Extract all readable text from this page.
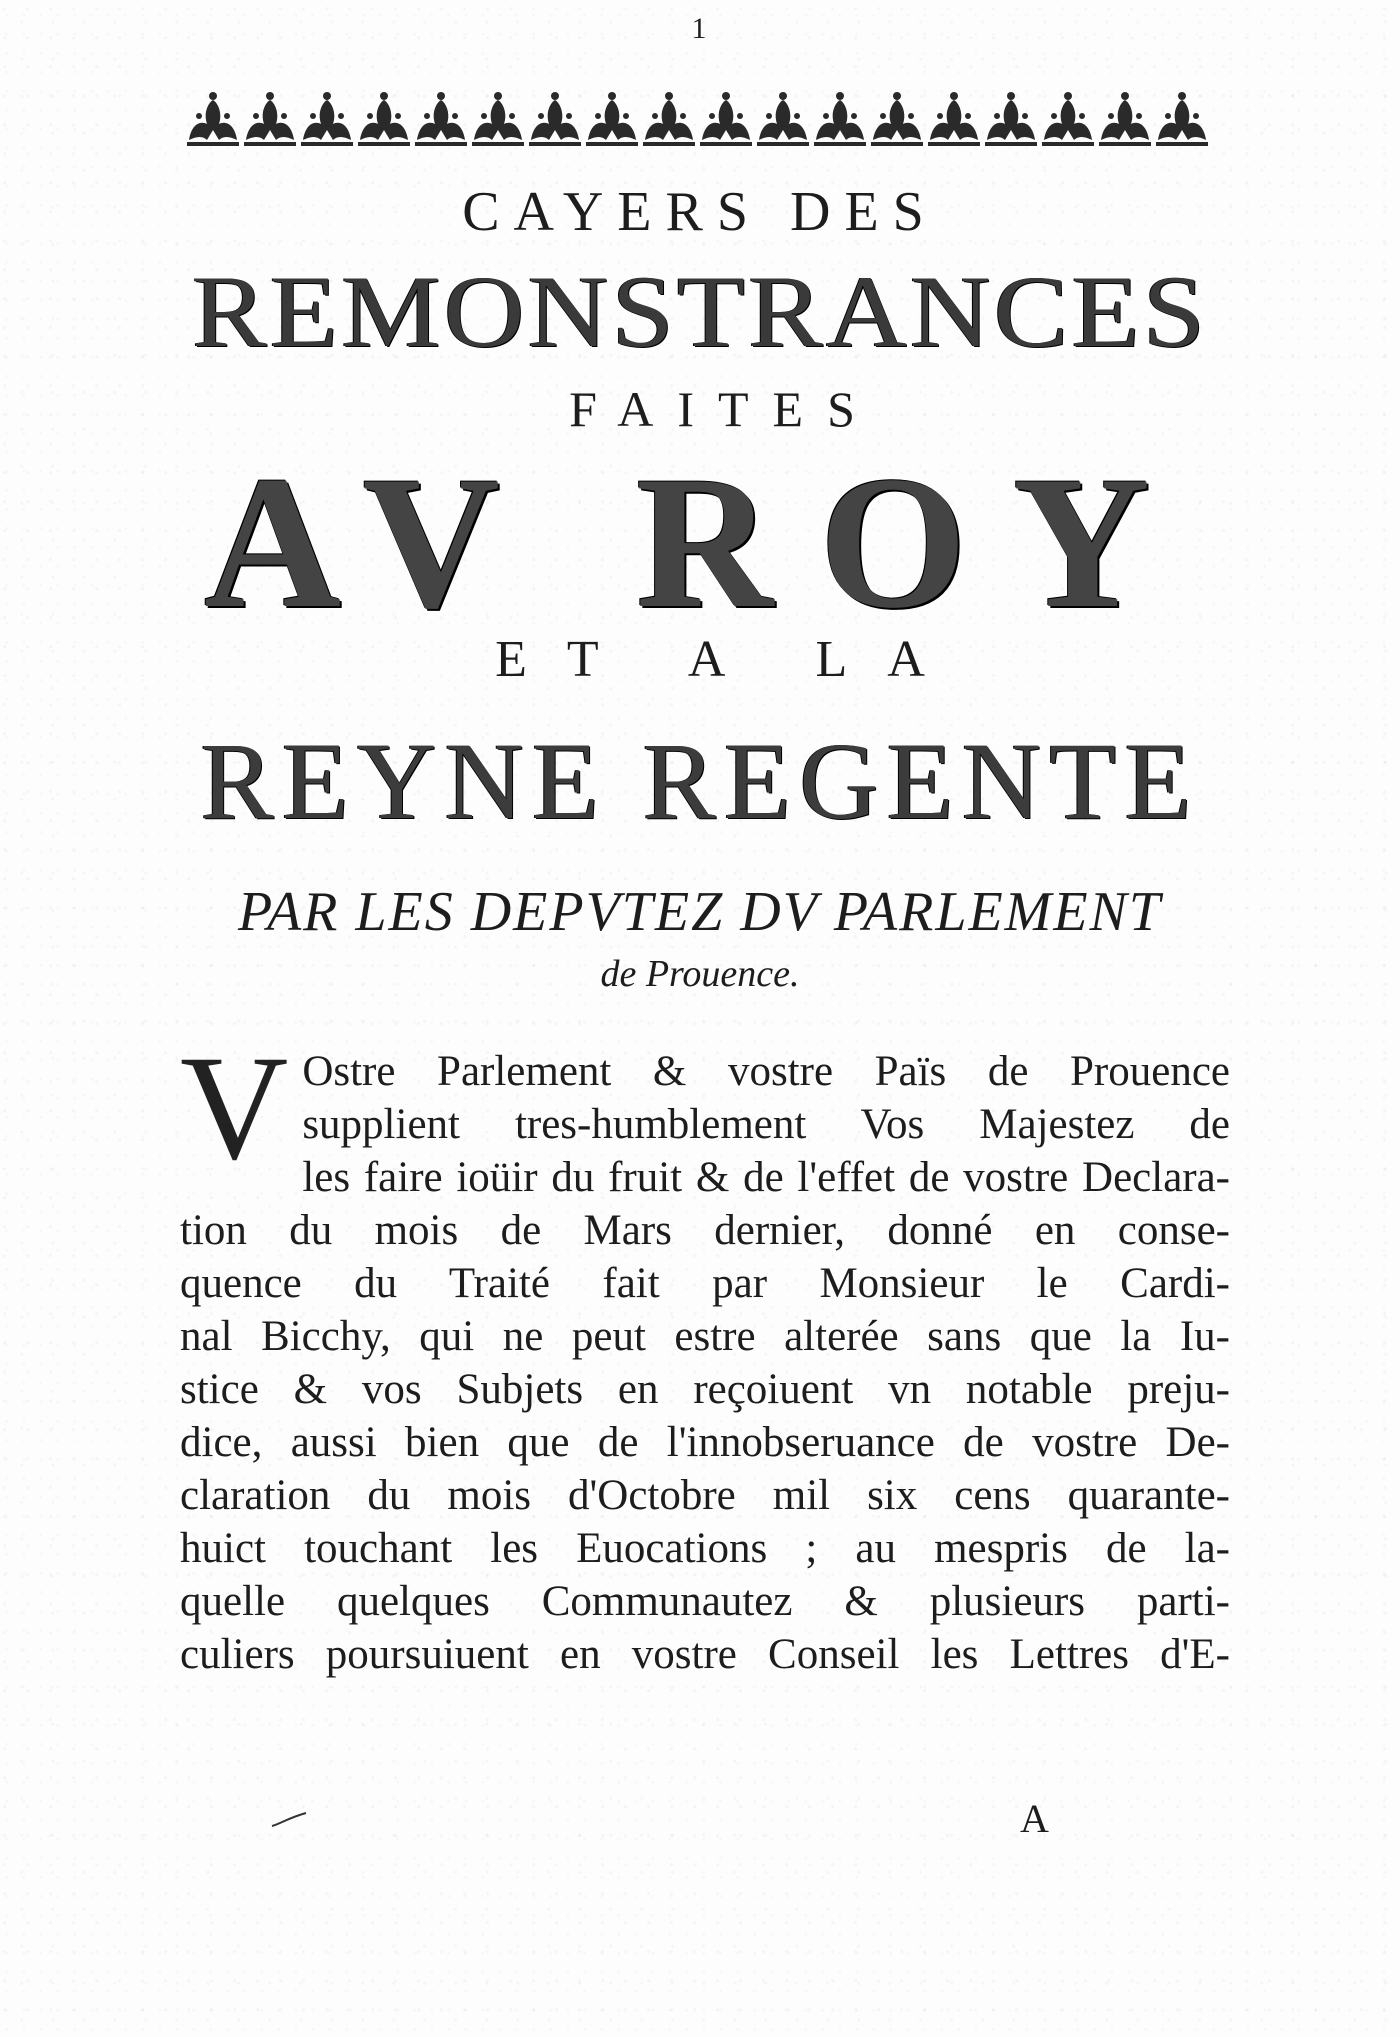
1
CAYERS DES
REMONSTRANCES
FAITES
AV ROY
ET A LA
REYNE REGENTE
PAR LES DEPVTEZ DV PARLEMENT
de Prouence.
V Ostre Parlement & vostre Païs de Prouence
supplient tres-humblement Vos Majestez de
les faire ioüir du fruit & de l'effet de vostre Declara-
tion du mois de Mars dernier, donné en conse-
quence du Traité fait par Monsieur le Cardi-
nal Bicchy, qui ne peut estre alterée sans que la Iu-
stice & vos Subjets en reçoiuent vn notable preju-
dice, aussi bien que de l'innobseruance de vostre De-
claration du mois d'Octobre mil six cens quarante-
huict touchant les Euocations ; au mespris de la-
quelle quelques Communautez & plusieurs parti-
culiers poursuiuent en vostre Conseil les Lettres d'E-
A
